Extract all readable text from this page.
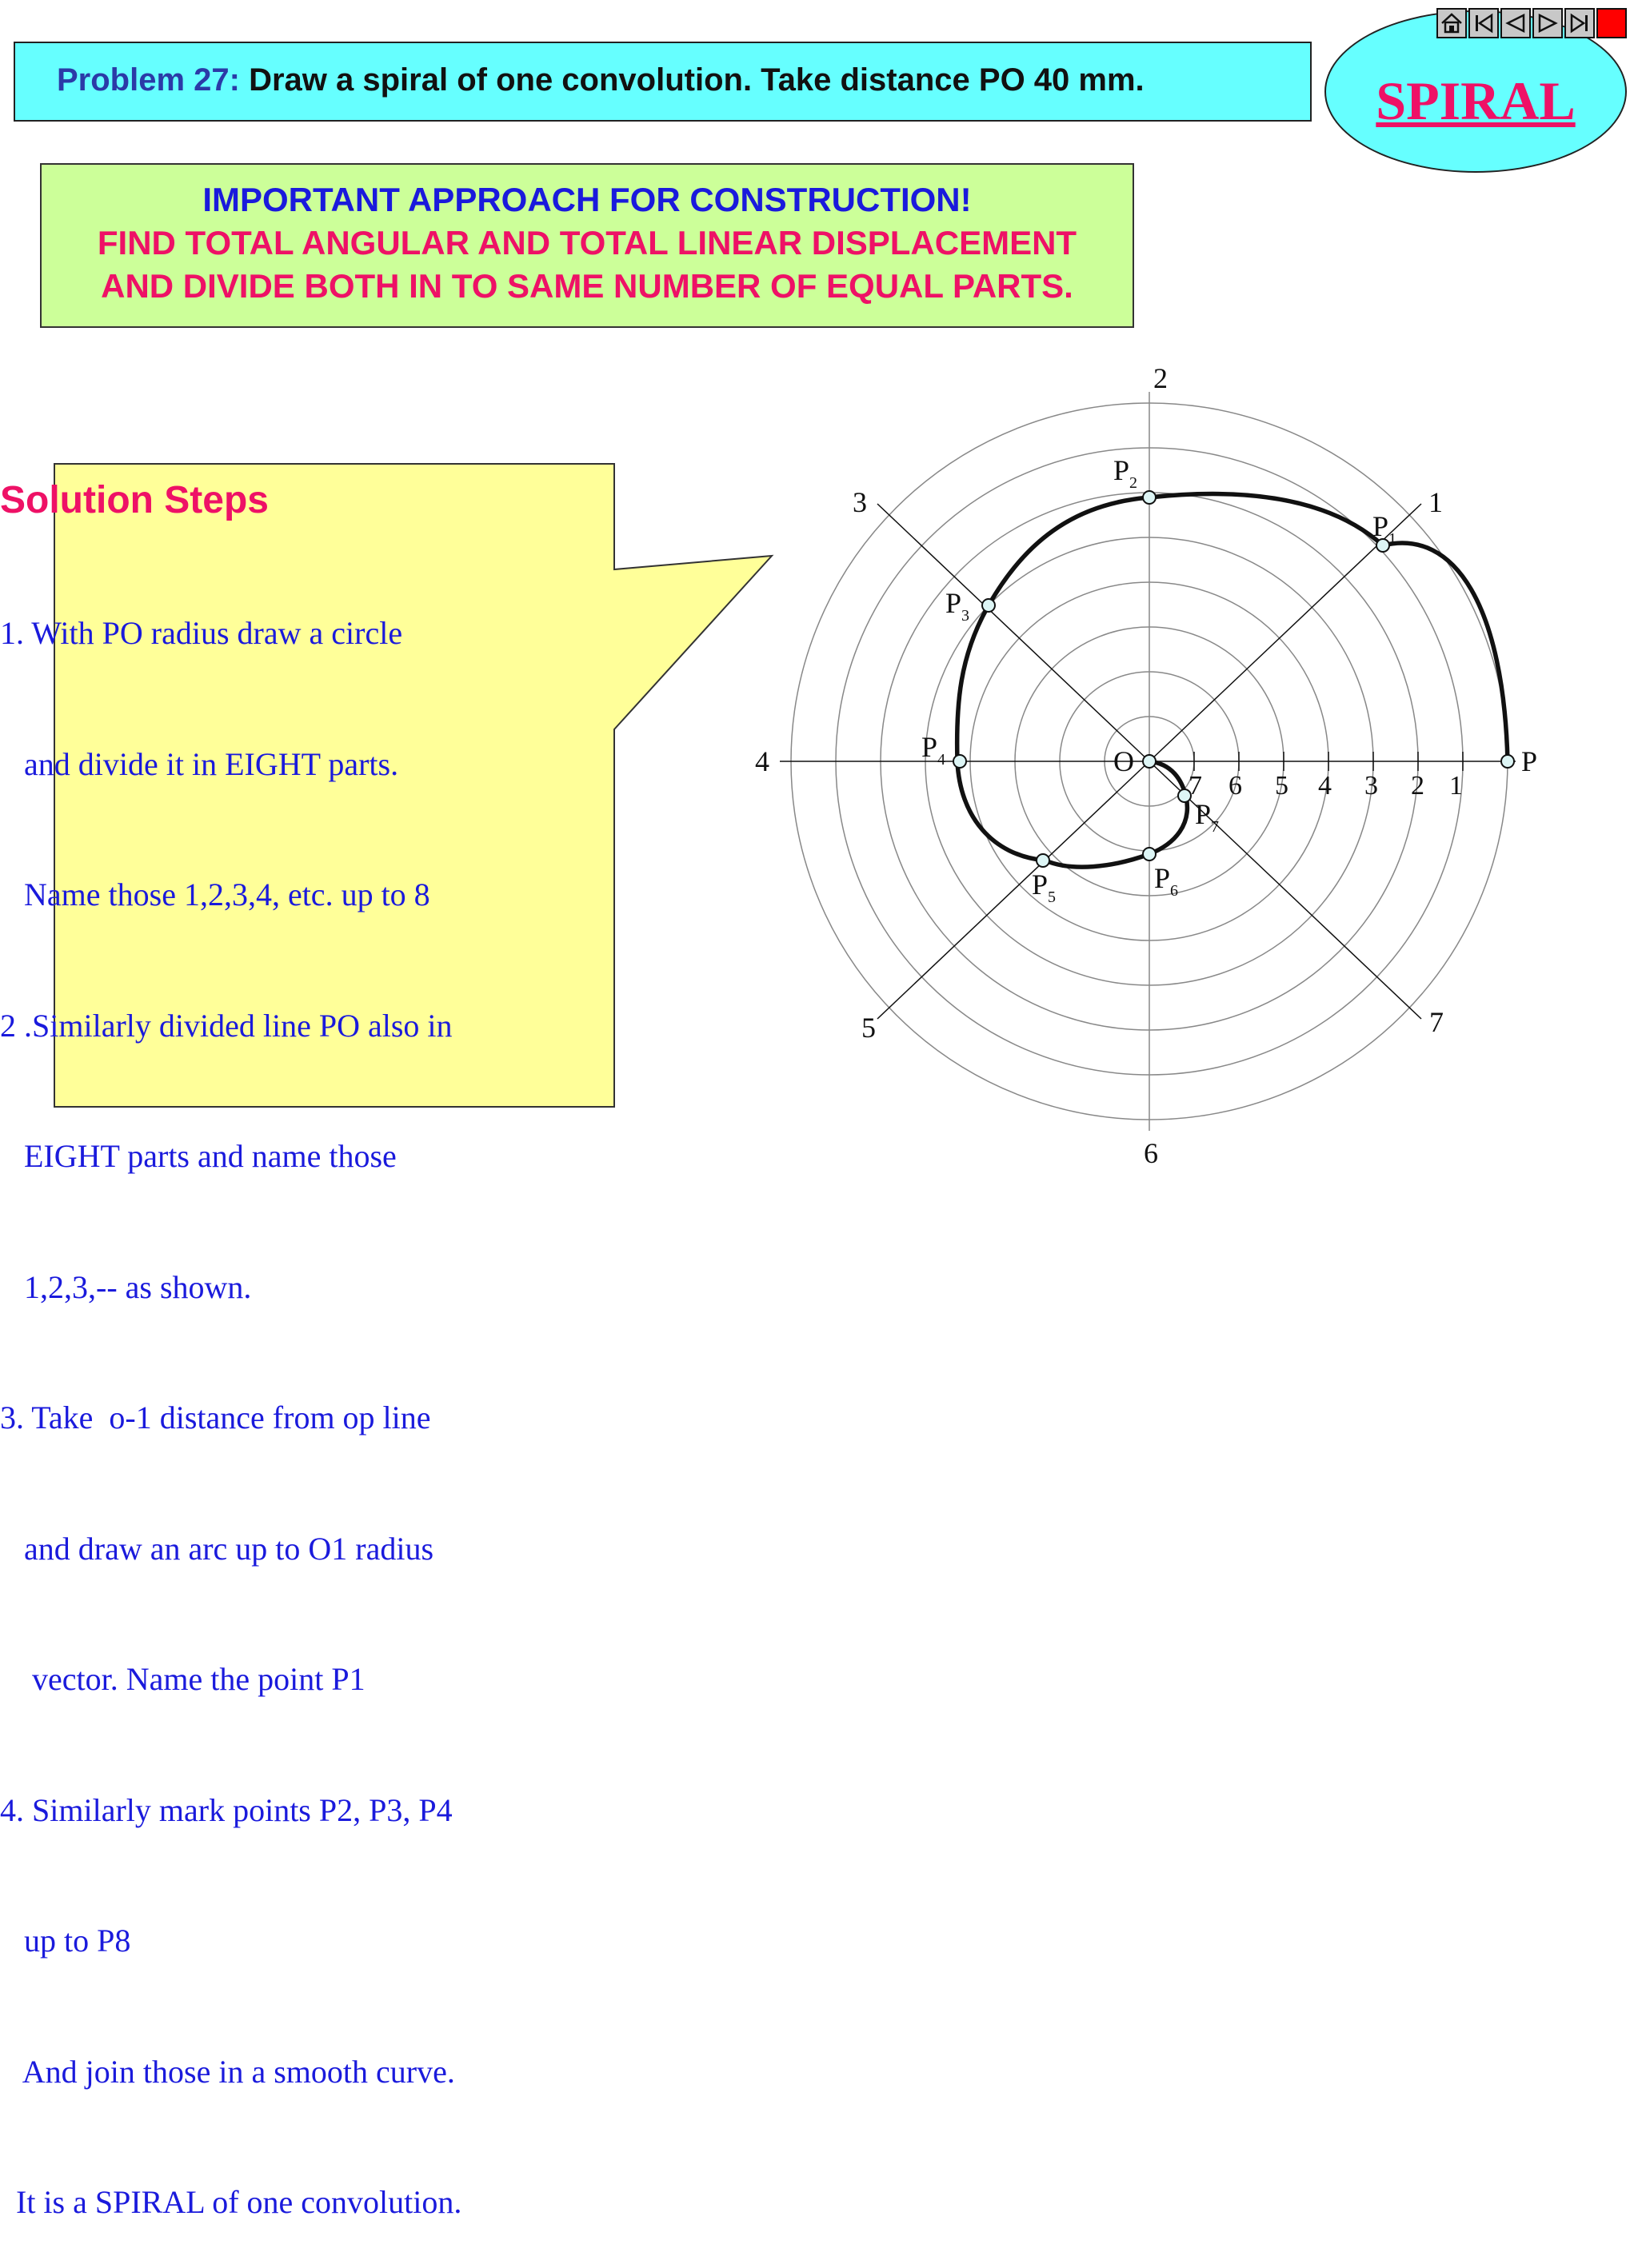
Problem 27: Draw a spiral of one convolution. Take distance PO 40 mm.	SPIRAL
IMPORTANT APPROACH FOR CONSTRUCTION!
FIND TOTAL ANGULAR AND TOTAL LINEAR DISPLACEMENT
AND DIVIDE BOTH IN TO SAME NUMBER OF EQUAL PARTS.
Solution Steps

1. With PO radius draw a circle

and divide it in EIGHT parts.

Name those 1,2,3,4, etc. up to 8

2 .Similarly divided line PO also in

EIGHT parts and name those

1,2,3,-- as shown.

3. Take  o-1 distance from op line

and draw an arc up to O1 radius

vector. Name the point P1

4. Similarly mark points P2, P3, P4

up to P8

And join those in a smooth curve.

It is a SPIRAL of one convolution.

1
2
3
4
5
6
7
7 6 5 4 3 2 1
O	P
$P_1$
$P_2$
$P_3$
$P_4$
$P_5$
$P_6$
$P_7$
